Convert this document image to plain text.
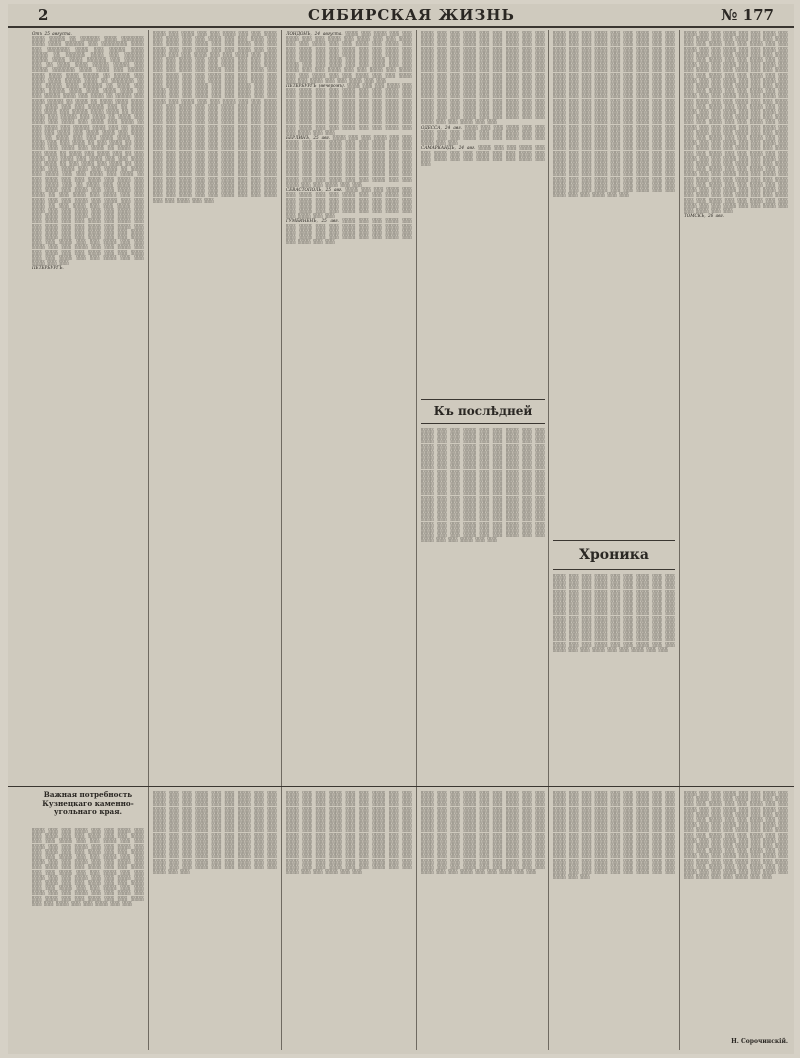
2	СИБИРСКАЯ ЖИЗНЬ	№ 177
Отъ 25 августа.
░░░░ ░░░░░ ░░ ░░░░░░ ░░░░ ░░░░░░░ ░░░░ ░░░░ ░░░░░░ ░░░ ░░░░░░░░ ░░░░ ░░░ ░░░░░░░ ░░░░ ░░░ ░░░░░ ░░░░ ░░░░░ ░░ ░░░░░░ ░░░░ ░░░ ░░░░░░ ░░░░░ ░░░░ ░░░░ ░░░░░░ ░░░ ░░░░░░ ░░░ ░░ ░░░░ ░░░░ ░░░░░ ░░░░░ ░░░ ░░░░░ ░░░░░░░ ░░░░ ░░░░ ░░░ ░░░░░ ░░░░ ░░░░ ░░░░ ░░░░░ ░░ ░░░░░ ░░░ ░░░░ ░░░░ ░░░░░ ░░░░ ░░ ░░░░░░░ ░░ ░░░ ░░░░░ ░░░░ ░░░░░░ ░░ ░░░░ ░░░ ░░░░ ░░░░░ ░░░░ ░░░░ ░░░░ ░░░░ ░░ ░░░ ░░░░░ ░░░░ ░░░ ░░░░ ░░ ░░░░░ ░░░ ░░░░ ░░░░░ ░░ ░░░░ ░░ ░░░░ ░░░░ ░░░░ ░░░ ░░░░ ░░░ ░░░ ░░░░░ ░░░ ░░ ░░░░ ░░░ ░░░░ ░░░ ░░░░░ ░░░░ ░░░░ ░░ ░░░░ ░░░░ ░░░ ░░░░░ ░░░ ░░░░ ░░ ░░░░ ░░░ ░░░░ ░░░ ░░░░ ░░░ ░░░░ ░░░ ░░░░ ░░ ░░░ ░░░░ ░░░ ░░░░░ ░░░░ ░░░ ░░ ░░░░ ░░░ ░░░ ░░░░ ░░░ ░░░░ ░░░░ ░░░ ░░░░ ░░░ ░░ ░░░░ ░░░ ░░░ ░░░░ ░░░░ ░░░ ░░░░ ░░░ ░░░ ░░░░ ░░ ░░░ ░░░░ ░░ ░░░ ░░░░ ░░░ ░░░░ ░░░ ░░░░ ░░ ░░░░ ░░░ ░░░ ░░░░ ░░ ░░░░ ░░░ ░░░░ ░░░ ░░ ░░░ ░░░░ ░░░ ░░░░ ░░░ ░░░░ ░░░ ░░░ ░░░░ ░░░ ░░░░ ░░ ░░░ ░░░░ ░░░ ░░░░ ░░ ░░░ ░░░░ ░░░ ░░░░ ░░░ ░░░ ░░░░ ░░ ░░░░ ░░░ ░░░░ ░░░ ░░░ ░░░░ ░░░ ░░░░ ░░ ░░░ ░░░░ ░░░ ░░░ ░░░░ ░░░ ░░░░ ░░░ ░░░ ░░░░ ░░░ ░░ ░░░░ ░░░ ░░░░ ░░░ ░░░ ░░░░ ░░░ ░░░░ ░░░ ░░░ ░░░░ ░░░ ░░░░ ░░ ░░░ ░░░░ ░░░ ░░░░ ░░░ ░░░ ░░░░ ░░░ ░░░ ░░░░ ░░░ ░░░░ ░░░ ░░░ ░░░░ ░░ ░░░ ░░░░ ░░░ ░░░ ░░░░ ░░░ ░░░░ ░░░ ░░░ ░░░░ ░░░ ░░░ ░░░░ ░░░ ░░░ ░░░░ ░░░ ░░░░ ░░░ ░░░ ░░░░ ░░░ ░░░ ░░░░ ░░░ ░░░ ░░░░ ░░░ ░░░░ ░░░ ░░░ ░░░░ ░░░ ░░░ ░░░░ ░░░ ░░░░ ░░░ ░░░ ░░░░ ░░░ ░░░ ░░░░ ░░░ ░░░ ░░░░ ░░░ ░░░░ ░░░ ░░░ ░░░░ ░░░ ░░░ ░░░░ ░░░ ░░░ ░░░░ ░░░ ░░░ ░░░░ ░░░ ░░░ ░░░░ ░░░ ░░░ ░░░░ ░░░ ░░░ ░░░░ ░░░ ░░░ ░░░░ ░░░ ░░░ ░░░░ ░░░ ░░░ ░░░░ ░░░ ░░░ ░░░░ ░░░ ░░░ ░░░░ ░░░ ░░░ ░░░░ ░░░ ░░░
ПЕТЕРБУРГЪ.
░░░░ ░░░ ░░░░ ░░░ ░░░ ░░░░ ░░░ ░░░ ░░░░ ░░░ ░░░░ ░░░ ░░░ ░░░░ ░░░ ░░░ ░░░░ ░░░ ░░░ ░░░░ ░░░ ░░░░ ░░░ ░░░ ░░░░ ░░░ ░░░ ░░░░ ░░░ ░░░ ░░░░ ░░░ ░░░ ░░░░ ░░░ ░░░ ░░░░ ░░░ ░░░ ░░░░ ░░░ ░░░ ░░░░ ░░░ ░░░░ ░░░ ░░░ ░░░░ ░░░ ░░░ ░░░░ ░░░ ░░░ ░░░░ ░░░ ░░░ ░░░░ ░░░ ░░░ ░░░░ ░░░ ░░░ ░░░░ ░░░ ░░░ ░░░░ ░░░ ░░░░ ░░░ ░░░ ░░░░ ░░░ ░░░ ░░░░ ░░░ ░░░ ░░░░ ░░░ ░░░ ░░░░ ░░░ ░░░ ░░░░ ░░░ ░░░ ░░░░ ░░░ ░░░ ░░░░ ░░░ ░░░ ░░░░ ░░░ ░░░░ ░░░ ░░░ ░░░░ ░░░ ░░░ ░░░░ ░░░ ░░░ ░░░░ ░░░ ░░░ ░░░░ ░░░ ░░░ ░░░░ ░░░ ░░░ ░░░░ ░░░ ░░░ ░░░░ ░░░ ░░░ ░░░░ ░░░ ░░░░ ░░░ ░░░ ░░░░ ░░░ ░░░ ░░░░ ░░░ ░░░ ░░░░ ░░░ ░░░ ░░░░ ░░░ ░░░ ░░░░ ░░░ ░░░ ░░░░ ░░░ ░░░ ░░░░ ░░░ ░░░ ░░░░ ░░░ ░░░ ░░░░ ░░░ ░░░ ░░░░ ░░░ ░░░ ░░░░ ░░░ ░░░ ░░░░ ░░░ ░░░ ░░░░ ░░░ ░░░ ░░░░ ░░░ ░░░ ░░░░ ░░░ ░░░ ░░░░ ░░░ ░░░ ░░░░ ░░░ ░░░ ░░░░ ░░░ ░░░ ░░░░ ░░░ ░░░ ░░░░ ░░░ ░░░ ░░░░ ░░░ ░░░ ░░░░ ░░░ ░░░ ░░░░ ░░░ ░░░ ░░░░ ░░░ ░░░ ░░░░ ░░░ ░░░ ░░░░ ░░░ ░░░ ░░░░ ░░░ ░░░ ░░░░ ░░░ ░░░ ░░░░ ░░░ ░░░ ░░░░ ░░░ ░░░ ░░░░ ░░░ ░░░ ░░░░ ░░░ ░░░ ░░░░ ░░░ ░░░ ░░░░ ░░░ ░░░ ░░░░ ░░░ ░░░ ░░░░ ░░░ ░░░ ░░░░ ░░░ ░░░ ░░░░ ░░░ ░░░ ░░░░ ░░░ ░░░ ░░░░ ░░░ ░░░ ░░░░ ░░░ ░░░ ░░░░ ░░░ ░░░ ░░░░ ░░░ ░░░ ░░░░ ░░░ ░░░ ░░░░ ░░░ ░░░ ░░░░ ░░░ ░░░ ░░░░ ░░░ ░░░ ░░░░ ░░░ ░░░ ░░░░ ░░░ ░░░ ░░░░ ░░░ ░░░ ░░░░ ░░░ ░░░ ░░░░ ░░░ ░░░ ░░░░ ░░░ ░░░ ░░░░ ░░░ ░░░ ░░░░ ░░░ ░░░ ░░░░ ░░░ ░░░ ░░░░ ░░░ ░░░
ЛОНДОНЪ, 24 августа. ░░░░ ░░░ ░░░░ ░░░ ░░░ ░░░░ ░░░ ░░░ ░░░░ ░░░ ░░░░ ░░░ ░░░ ░░░░ ░░░ ░░░ ░░░░ ░░░ ░░░ ░░░░ ░░░ ░░░░ ░░░ ░░░ ░░░░ ░░░ ░░░ ░░░░ ░░░ ░░░ ░░░░ ░░░ ░░░ ░░░░ ░░░ ░░░ ░░░░ ░░░ ░░░ ░░░░ ░░░ ░░░ ░░░░ ░░░ ░░░░ ░░░ ░░░ ░░░░ ░░░ ░░░ ░░░░ ░░░ ░░░ ░░░░ ░░░ ░░░ ░░░░ ░░░ ░░░ ░░░░ ░░░ ░░░ ░░░░ ░░░ ░░░ ░░░░ ░░░ ░░░░ ░░░ ░░░ ░░░░ ░░░ ░░░ ░░░░ ░░░ ░░░ ░░░░ ░░░ ░░░ ░░░░ ░░░ ░░░ ░░░░ ░░░ ░░░
ПЕТЕРБУРГЪ (вечеромъ). ░░░░ ░░░ ░░░ ░░░░ ░░░ ░░░ ░░░░ ░░░ ░░░ ░░░░ ░░░ ░░░ ░░░░ ░░░ ░░░ ░░░░ ░░░ ░░░ ░░░░ ░░░ ░░░ ░░░░ ░░░ ░░░ ░░░░ ░░░ ░░░ ░░░░ ░░░ ░░░ ░░░░ ░░░ ░░░ ░░░░ ░░░ ░░░ ░░░░ ░░░ ░░░ ░░░░ ░░░ ░░░ ░░░░ ░░░ ░░░ ░░░░ ░░░ ░░░ ░░░░ ░░░ ░░░ ░░░░ ░░░ ░░░ ░░░░ ░░░ ░░░ ░░░░ ░░░ ░░░ ░░░░ ░░░ ░░░ ░░░░ ░░░ ░░░ ░░░░ ░░░ ░░░ ░░░░ ░░░ ░░░ ░░░░ ░░░ ░░░ ░░░░ ░░░ ░░░ ░░░░ ░░░ ░░░
БЕРЛИНЪ, 25 авг. ░░░░ ░░░ ░░░ ░░░░ ░░░ ░░░ ░░░░ ░░░ ░░░ ░░░░ ░░░ ░░░ ░░░░ ░░░ ░░░ ░░░░ ░░░ ░░░ ░░░░ ░░░ ░░░ ░░░░ ░░░ ░░░ ░░░░ ░░░ ░░░ ░░░░ ░░░ ░░░ ░░░░ ░░░ ░░░ ░░░░ ░░░ ░░░ ░░░░ ░░░ ░░░ ░░░░ ░░░ ░░░ ░░░░ ░░░ ░░░ ░░░░ ░░░ ░░░ ░░░░ ░░░ ░░░ ░░░░ ░░░ ░░░ ░░░░ ░░░ ░░░ ░░░░ ░░░ ░░░ ░░░░ ░░░ ░░░ ░░░░ ░░░ ░░░ ░░░░ ░░░ ░░░ ░░░░ ░░░ ░░░ ░░░░ ░░░ ░░░ ░░░░ ░░░ ░░░ ░░░░ ░░░ ░░░ ░░░░ ░░░ ░░░
СЕВАСТОПОЛЬ, 25 авг. ░░░░ ░░░ ░░░ ░░░░ ░░░ ░░░ ░░░░ ░░░ ░░░ ░░░░ ░░░ ░░░ ░░░░ ░░░ ░░░ ░░░░ ░░░ ░░░ ░░░░ ░░░ ░░░ ░░░░ ░░░ ░░░ ░░░░ ░░░ ░░░ ░░░░ ░░░ ░░░ ░░░░ ░░░ ░░░ ░░░░ ░░░ ░░░ ░░░░ ░░░ ░░░ ░░░░ ░░░ ░░░ ░░░░ ░░░ ░░░
ГУМБИНЕНЪ, 25 авг. ░░░░ ░░░ ░░░ ░░░░ ░░░ ░░░ ░░░░ ░░░ ░░░ ░░░░ ░░░ ░░░ ░░░░ ░░░ ░░░ ░░░░ ░░░ ░░░ ░░░░ ░░░ ░░░ ░░░░ ░░░ ░░░ ░░░░ ░░░ ░░░ ░░░░ ░░░ ░░░ ░░░░ ░░░ ░░░ ░░░░ ░░░ ░░░
░░░░ ░░░ ░░░ ░░░░ ░░░ ░░░ ░░░░ ░░░ ░░░ ░░░░ ░░░ ░░░ ░░░░ ░░░ ░░░ ░░░░ ░░░ ░░░ ░░░░ ░░░ ░░░ ░░░░ ░░░ ░░░ ░░░░ ░░░ ░░░ ░░░░ ░░░ ░░░ ░░░░ ░░░ ░░░ ░░░░ ░░░ ░░░ ░░░░ ░░░ ░░░ ░░░░ ░░░ ░░░ ░░░░ ░░░ ░░░ ░░░░ ░░░ ░░░ ░░░░ ░░░ ░░░ ░░░░ ░░░ ░░░ ░░░░ ░░░ ░░░ ░░░░ ░░░ ░░░ ░░░░ ░░░ ░░░ ░░░░ ░░░ ░░░ ░░░░ ░░░ ░░░ ░░░░ ░░░ ░░░ ░░░░ ░░░ ░░░ ░░░░ ░░░ ░░░ ░░░░ ░░░ ░░░ ░░░░ ░░░ ░░░ ░░░░ ░░░ ░░░ ░░░░ ░░░ ░░░ ░░░░ ░░░ ░░░ ░░░░ ░░░ ░░░ ░░░░ ░░░ ░░░ ░░░░ ░░░ ░░░ ░░░░ ░░░ ░░░ ░░░░ ░░░ ░░░ ░░░░ ░░░ ░░░ ░░░░ ░░░ ░░░ ░░░░ ░░░ ░░░ ░░░░ ░░░ ░░░ ░░░░ ░░░ ░░░ ░░░░ ░░░ ░░░ ░░░░ ░░░ ░░░ ░░░░ ░░░ ░░░ ░░░░ ░░░ ░░░ ░░░░ ░░░ ░░░ ░░░░ ░░░ ░░░ ░░░░ ░░░ ░░░ ░░░░ ░░░ ░░░ ░░░░ ░░░ ░░░ ░░░░ ░░░ ░░░ ░░░░ ░░░ ░░░ ░░░░ ░░░ ░░░
ОДЕССА, 24 авг. ░░░░ ░░░ ░░░ ░░░░ ░░░ ░░░ ░░░░ ░░░ ░░░ ░░░░ ░░░ ░░░ ░░░░ ░░░ ░░░ ░░░░ ░░░ ░░░ ░░░░ ░░░ ░░░ ░░░░ ░░░ ░░░ ░░░░ ░░░ ░░░
САМАРКАНДЪ, 24 авг. ░░░░ ░░░ ░░░ ░░░░ ░░░ ░░░ ░░░░ ░░░ ░░░ ░░░░ ░░░ ░░░ ░░░░ ░░░ ░░░ ░░░░ ░░░ ░░░ ░░░░ ░░░ ░░░ ░░░░ ░░░ ░░░
Къ послѣдней
░░░░ ░░░ ░░░ ░░░░ ░░░ ░░░ ░░░░ ░░░ ░░░ ░░░░ ░░░ ░░░ ░░░░ ░░░ ░░░ ░░░░ ░░░ ░░░ ░░░░ ░░░ ░░░ ░░░░ ░░░ ░░░ ░░░░ ░░░ ░░░ ░░░░ ░░░ ░░░ ░░░░ ░░░ ░░░ ░░░░ ░░░ ░░░ ░░░░ ░░░ ░░░ ░░░░ ░░░ ░░░ ░░░░ ░░░ ░░░ ░░░░ ░░░ ░░░ ░░░░ ░░░ ░░░ ░░░░ ░░░ ░░░ ░░░░ ░░░ ░░░ ░░░░ ░░░ ░░░ ░░░░ ░░░ ░░░ ░░░░ ░░░ ░░░ ░░░░ ░░░ ░░░ ░░░░ ░░░ ░░░ ░░░░ ░░░ ░░░ ░░░░ ░░░ ░░░ ░░░░ ░░░ ░░░ ░░░░ ░░░ ░░░ ░░░░ ░░░ ░░░ ░░░░ ░░░ ░░░ ░░░░ ░░░ ░░░ ░░░░ ░░░ ░░░ ░░░░ ░░░ ░░░ ░░░░ ░░░ ░░░ ░░░░ ░░░ ░░░ ░░░░ ░░░ ░░░ ░░░░ ░░░ ░░░ ░░░░ ░░░ ░░░ ░░░░ ░░░ ░░░ ░░░░ ░░░ ░░░ ░░░░ ░░░ ░░░ ░░░░ ░░░ ░░░ ░░░░ ░░░ ░░░ ░░░░ ░░░ ░░░ ░░░░ ░░░ ░░░ ░░░░ ░░░ ░░░ ░░░░ ░░░ ░░░ ░░░░ ░░░ ░░░ ░░░░ ░░░ ░░░ ░░░░ ░░░ ░░░ ░░░░ ░░░ ░░░ ░░░░ ░░░ ░░░ ░░░░ ░░░ ░░░ ░░░░ ░░░ ░░░ ░░░░ ░░░ ░░░ ░░░░ ░░░ ░░░ ░░░░ ░░░ ░░░ ░░░░ ░░░ ░░░ ░░░░ ░░░ ░░░ ░░░░ ░░░ ░░░ ░░░░ ░░░ ░░░ ░░░░ ░░░ ░░░ ░░░░ ░░░ ░░░ ░░░░ ░░░ ░░░ ░░░░ ░░░ ░░░
░░░░ ░░░ ░░░ ░░░░ ░░░ ░░░ ░░░░ ░░░ ░░░ ░░░░ ░░░ ░░░ ░░░░ ░░░ ░░░ ░░░░ ░░░ ░░░ ░░░░ ░░░ ░░░ ░░░░ ░░░ ░░░ ░░░░ ░░░ ░░░ ░░░░ ░░░ ░░░ ░░░░ ░░░ ░░░ ░░░░ ░░░ ░░░ ░░░░ ░░░ ░░░ ░░░░ ░░░ ░░░ ░░░░ ░░░ ░░░ ░░░░ ░░░ ░░░ ░░░░ ░░░ ░░░ ░░░░ ░░░ ░░░ ░░░░ ░░░ ░░░ ░░░░ ░░░ ░░░ ░░░░ ░░░ ░░░ ░░░░ ░░░ ░░░ ░░░░ ░░░ ░░░ ░░░░ ░░░ ░░░ ░░░░ ░░░ ░░░ ░░░░ ░░░ ░░░ ░░░░ ░░░ ░░░ ░░░░ ░░░ ░░░ ░░░░ ░░░ ░░░ ░░░░ ░░░ ░░░ ░░░░ ░░░ ░░░ ░░░░ ░░░ ░░░ ░░░░ ░░░ ░░░ ░░░░ ░░░ ░░░ ░░░░ ░░░ ░░░ ░░░░ ░░░ ░░░ ░░░░ ░░░ ░░░ ░░░░ ░░░ ░░░ ░░░░ ░░░ ░░░ ░░░░ ░░░ ░░░ ░░░░ ░░░ ░░░ ░░░░ ░░░ ░░░ ░░░░ ░░░ ░░░ ░░░░ ░░░ ░░░ ░░░░ ░░░ ░░░ ░░░░ ░░░ ░░░ ░░░░ ░░░ ░░░ ░░░░ ░░░ ░░░ ░░░░ ░░░ ░░░ ░░░░ ░░░ ░░░ ░░░░ ░░░ ░░░ ░░░░ ░░░ ░░░ ░░░░ ░░░ ░░░ ░░░░ ░░░ ░░░ ░░░░ ░░░ ░░░ ░░░░ ░░░ ░░░ ░░░░ ░░░ ░░░ ░░░░ ░░░ ░░░ ░░░░ ░░░ ░░░ ░░░░ ░░░ ░░░ ░░░░ ░░░ ░░░ ░░░░ ░░░ ░░░ ░░░░ ░░░ ░░░ ░░░░ ░░░ ░░░ ░░░░ ░░░ ░░░ ░░░░ ░░░ ░░░ ░░░░ ░░░ ░░░ ░░░░ ░░░ ░░░ ░░░░ ░░░ ░░░ ░░░░ ░░░ ░░░ ░░░░ ░░░ ░░░ ░░░░ ░░░ ░░░ ░░░░ ░░░ ░░░ ░░░░ ░░░ ░░░ ░░░░ ░░░ ░░░ ░░░░ ░░░ ░░░ ░░░░ ░░░ ░░░ ░░░░ ░░░ ░░░ ░░░░ ░░░ ░░░ ░░░░ ░░░ ░░░ ░░░░ ░░░ ░░░ ░░░░ ░░░ ░░░ ░░░░ ░░░ ░░░ ░░░░ ░░░ ░░░ ░░░░ ░░░ ░░░ ░░░░ ░░░ ░░░ ░░░░ ░░░ ░░░ ░░░░ ░░░ ░░░ ░░░░ ░░░ ░░░ ░░░░ ░░░ ░░░ ░░░░ ░░░ ░░░ ░░░░ ░░░ ░░░ ░░░░ ░░░ ░░░ ░░░░ ░░░ ░░░ ░░░░ ░░░ ░░░
Хроника
░░░░ ░░░ ░░░ ░░░░ ░░░ ░░░ ░░░░ ░░░ ░░░ ░░░░ ░░░ ░░░ ░░░░ ░░░ ░░░ ░░░░ ░░░ ░░░ ░░░░ ░░░ ░░░ ░░░░ ░░░ ░░░ ░░░░ ░░░ ░░░ ░░░░ ░░░ ░░░ ░░░░ ░░░ ░░░ ░░░░ ░░░ ░░░ ░░░░ ░░░ ░░░ ░░░░ ░░░ ░░░ ░░░░ ░░░ ░░░ ░░░░ ░░░ ░░░ ░░░░ ░░░ ░░░ ░░░░ ░░░ ░░░ ░░░░ ░░░ ░░░ ░░░░ ░░░ ░░░ ░░░░ ░░░ ░░░ ░░░░ ░░░ ░░░ ░░░░ ░░░ ░░░ ░░░░ ░░░ ░░░ ░░░░ ░░░ ░░░ ░░░░ ░░░ ░░░ ░░░░ ░░░ ░░░ ░░░░ ░░░ ░░░ ░░░░ ░░░ ░░░ ░░░░ ░░░ ░░░ ░░░░ ░░░ ░░░ ░░░░ ░░░ ░░░ ░░░░ ░░░ ░░░ ░░░░ ░░░ ░░░ ░░░░ ░░░ ░░░ ░░░░ ░░░ ░░░ ░░░░ ░░░ ░░░ ░░░░ ░░░ ░░░ ░░░░ ░░░ ░░░ ░░░░ ░░░ ░░░ ░░░░ ░░░ ░░░ ░░░░ ░░░ ░░░ ░░░░ ░░░ ░░░ ░░░░ ░░░ ░░░ ░░░░ ░░░ ░░░
░░░░ ░░░ ░░░ ░░░░ ░░░ ░░░ ░░░░ ░░░ ░░░ ░░░░ ░░░ ░░░ ░░░░ ░░░ ░░░ ░░░░ ░░░ ░░░ ░░░░ ░░░ ░░░ ░░░░ ░░░ ░░░ ░░░░ ░░░ ░░░ ░░░░ ░░░ ░░░ ░░░░ ░░░ ░░░ ░░░░ ░░░ ░░░ ░░░░ ░░░ ░░░ ░░░░ ░░░ ░░░ ░░░░ ░░░ ░░░ ░░░░ ░░░ ░░░ ░░░░ ░░░ ░░░ ░░░░ ░░░ ░░░ ░░░░ ░░░ ░░░ ░░░░ ░░░ ░░░ ░░░░ ░░░ ░░░ ░░░░ ░░░ ░░░ ░░░░ ░░░ ░░░ ░░░░ ░░░ ░░░ ░░░░ ░░░ ░░░ ░░░░ ░░░ ░░░ ░░░░ ░░░ ░░░ ░░░░ ░░░ ░░░ ░░░░ ░░░ ░░░ ░░░░ ░░░ ░░░ ░░░░ ░░░ ░░░ ░░░░ ░░░ ░░░ ░░░░ ░░░ ░░░ ░░░░ ░░░ ░░░ ░░░░ ░░░ ░░░ ░░░░ ░░░ ░░░ ░░░░ ░░░ ░░░ ░░░░ ░░░ ░░░ ░░░░ ░░░ ░░░ ░░░░ ░░░ ░░░ ░░░░ ░░░ ░░░ ░░░░ ░░░ ░░░ ░░░░ ░░░ ░░░ ░░░░ ░░░ ░░░ ░░░░ ░░░ ░░░ ░░░░ ░░░ ░░░ ░░░░ ░░░ ░░░ ░░░░ ░░░ ░░░ ░░░░ ░░░ ░░░ ░░░░ ░░░ ░░░ ░░░░ ░░░ ░░░ ░░░░ ░░░ ░░░ ░░░░ ░░░ ░░░ ░░░░ ░░░ ░░░ ░░░░ ░░░ ░░░ ░░░░ ░░░ ░░░ ░░░░ ░░░ ░░░ ░░░░ ░░░ ░░░ ░░░░ ░░░ ░░░ ░░░░ ░░░ ░░░ ░░░░ ░░░ ░░░ ░░░░ ░░░ ░░░ ░░░░ ░░░ ░░░ ░░░░ ░░░ ░░░ ░░░░ ░░░ ░░░ ░░░░ ░░░ ░░░ ░░░░ ░░░ ░░░ ░░░░ ░░░ ░░░ ░░░░ ░░░ ░░░ ░░░░ ░░░ ░░░ ░░░░ ░░░ ░░░ ░░░░ ░░░ ░░░ ░░░░ ░░░ ░░░ ░░░░ ░░░ ░░░ ░░░░ ░░░ ░░░ ░░░░ ░░░ ░░░ ░░░░ ░░░ ░░░ ░░░░ ░░░ ░░░ ░░░░ ░░░ ░░░ ░░░░ ░░░ ░░░ ░░░░ ░░░ ░░░ ░░░░ ░░░ ░░░ ░░░░ ░░░ ░░░ ░░░░ ░░░ ░░░ ░░░░ ░░░ ░░░ ░░░░ ░░░ ░░░ ░░░░ ░░░ ░░░ ░░░░ ░░░ ░░░ ░░░░ ░░░ ░░░ ░░░░ ░░░ ░░░ ░░░░ ░░░ ░░░ ░░░░ ░░░ ░░░
ТОМСКЪ, 26 авг.
Важная потребность Кузнецкаго каменно-угольнаго края.
░░░░ ░░░ ░░░ ░░░░ ░░░ ░░░ ░░░░ ░░░ ░░░ ░░░░ ░░░ ░░░ ░░░░ ░░░ ░░░ ░░░░ ░░░ ░░░ ░░░░ ░░░ ░░░ ░░░░ ░░░ ░░░ ░░░░ ░░░ ░░░ ░░░░ ░░░ ░░░ ░░░░ ░░░ ░░░ ░░░░ ░░░ ░░░ ░░░░ ░░░ ░░░ ░░░░ ░░░ ░░░ ░░░░ ░░░ ░░░ ░░░░ ░░░ ░░░ ░░░░ ░░░ ░░░ ░░░░ ░░░ ░░░ ░░░░ ░░░ ░░░ ░░░░ ░░░ ░░░ ░░░░ ░░░ ░░░ ░░░░ ░░░ ░░░ ░░░░ ░░░ ░░░ ░░░░ ░░░ ░░░ ░░░░ ░░░ ░░░ ░░░░ ░░░ ░░░ ░░░░ ░░░ ░░░ ░░░░ ░░░ ░░░ ░░░░ ░░░ ░░░ ░░░░ ░░░ ░░░ ░░░░ ░░░ ░░░ ░░░░ ░░░ ░░░ ░░░░ ░░░ ░░░ ░░░░ ░░░ ░░░ ░░░░ ░░░ ░░░ ░░░░ ░░░ ░░░ ░░░░ ░░░ ░░░ ░░░░ ░░░ ░░░ ░░░░ ░░░ ░░░ ░░░░ ░░░ ░░░
░░░░ ░░░ ░░░ ░░░░ ░░░ ░░░ ░░░░ ░░░ ░░░ ░░░░ ░░░ ░░░ ░░░░ ░░░ ░░░ ░░░░ ░░░ ░░░ ░░░░ ░░░ ░░░ ░░░░ ░░░ ░░░ ░░░░ ░░░ ░░░ ░░░░ ░░░ ░░░ ░░░░ ░░░ ░░░ ░░░░ ░░░ ░░░ ░░░░ ░░░ ░░░ ░░░░ ░░░ ░░░ ░░░░ ░░░ ░░░ ░░░░ ░░░ ░░░ ░░░░ ░░░ ░░░ ░░░░ ░░░ ░░░ ░░░░ ░░░ ░░░ ░░░░ ░░░ ░░░ ░░░░ ░░░ ░░░ ░░░░ ░░░ ░░░ ░░░░ ░░░ ░░░ ░░░░ ░░░ ░░░ ░░░░ ░░░ ░░░ ░░░░ ░░░ ░░░ ░░░░ ░░░ ░░░ ░░░░ ░░░ ░░░ ░░░░ ░░░ ░░░ ░░░░ ░░░ ░░░ ░░░░ ░░░ ░░░ ░░░░ ░░░ ░░░ ░░░░ ░░░ ░░░ ░░░░ ░░░ ░░░ ░░░░ ░░░ ░░░ ░░░░ ░░░ ░░░ ░░░░ ░░░ ░░░ ░░░░ ░░░ ░░░ ░░░░ ░░░ ░░░ ░░░░ ░░░ ░░░ ░░░░ ░░░ ░░░ ░░░░ ░░░ ░░░ ░░░░ ░░░ ░░░ ░░░░ ░░░ ░░░ ░░░░ ░░░ ░░░ ░░░░ ░░░ ░░░
░░░░ ░░░ ░░░ ░░░░ ░░░ ░░░ ░░░░ ░░░ ░░░ ░░░░ ░░░ ░░░ ░░░░ ░░░ ░░░ ░░░░ ░░░ ░░░ ░░░░ ░░░ ░░░ ░░░░ ░░░ ░░░ ░░░░ ░░░ ░░░ ░░░░ ░░░ ░░░ ░░░░ ░░░ ░░░ ░░░░ ░░░ ░░░ ░░░░ ░░░ ░░░ ░░░░ ░░░ ░░░ ░░░░ ░░░ ░░░ ░░░░ ░░░ ░░░ ░░░░ ░░░ ░░░ ░░░░ ░░░ ░░░ ░░░░ ░░░ ░░░ ░░░░ ░░░ ░░░ ░░░░ ░░░ ░░░ ░░░░ ░░░ ░░░ ░░░░ ░░░ ░░░ ░░░░ ░░░ ░░░ ░░░░ ░░░ ░░░ ░░░░ ░░░ ░░░ ░░░░ ░░░ ░░░ ░░░░ ░░░ ░░░ ░░░░ ░░░ ░░░ ░░░░ ░░░ ░░░ ░░░░ ░░░ ░░░ ░░░░ ░░░ ░░░ ░░░░ ░░░ ░░░ ░░░░ ░░░ ░░░ ░░░░ ░░░ ░░░ ░░░░ ░░░ ░░░ ░░░░ ░░░ ░░░ ░░░░ ░░░ ░░░ ░░░░ ░░░ ░░░ ░░░░ ░░░ ░░░ ░░░░ ░░░ ░░░ ░░░░ ░░░ ░░░ ░░░░ ░░░ ░░░ ░░░░ ░░░ ░░░ ░░░░ ░░░ ░░░ ░░░░ ░░░ ░░░ ░░░░ ░░░ ░░░
░░░░ ░░░ ░░░ ░░░░ ░░░ ░░░ ░░░░ ░░░ ░░░ ░░░░ ░░░ ░░░ ░░░░ ░░░ ░░░ ░░░░ ░░░ ░░░ ░░░░ ░░░ ░░░ ░░░░ ░░░ ░░░ ░░░░ ░░░ ░░░ ░░░░ ░░░ ░░░ ░░░░ ░░░ ░░░ ░░░░ ░░░ ░░░ ░░░░ ░░░ ░░░ ░░░░ ░░░ ░░░ ░░░░ ░░░ ░░░ ░░░░ ░░░ ░░░ ░░░░ ░░░ ░░░ ░░░░ ░░░ ░░░ ░░░░ ░░░ ░░░ ░░░░ ░░░ ░░░ ░░░░ ░░░ ░░░ ░░░░ ░░░ ░░░ ░░░░ ░░░ ░░░ ░░░░ ░░░ ░░░ ░░░░ ░░░ ░░░ ░░░░ ░░░ ░░░ ░░░░ ░░░ ░░░ ░░░░ ░░░ ░░░ ░░░░ ░░░ ░░░ ░░░░ ░░░ ░░░ ░░░░ ░░░ ░░░ ░░░░ ░░░ ░░░ ░░░░ ░░░ ░░░ ░░░░ ░░░ ░░░ ░░░░ ░░░ ░░░ ░░░░ ░░░ ░░░ ░░░░ ░░░ ░░░ ░░░░ ░░░ ░░░ ░░░░ ░░░ ░░░ ░░░░ ░░░ ░░░ ░░░░ ░░░ ░░░ ░░░░ ░░░ ░░░ ░░░░ ░░░ ░░░ ░░░░ ░░░ ░░░ ░░░░ ░░░ ░░░ ░░░░ ░░░ ░░░ ░░░░ ░░░ ░░░ ░░░░ ░░░ ░░░
░░░░ ░░░ ░░░ ░░░░ ░░░ ░░░ ░░░░ ░░░ ░░░ ░░░░ ░░░ ░░░ ░░░░ ░░░ ░░░ ░░░░ ░░░ ░░░ ░░░░ ░░░ ░░░ ░░░░ ░░░ ░░░ ░░░░ ░░░ ░░░ ░░░░ ░░░ ░░░ ░░░░ ░░░ ░░░ ░░░░ ░░░ ░░░ ░░░░ ░░░ ░░░ ░░░░ ░░░ ░░░ ░░░░ ░░░ ░░░ ░░░░ ░░░ ░░░ ░░░░ ░░░ ░░░ ░░░░ ░░░ ░░░ ░░░░ ░░░ ░░░ ░░░░ ░░░ ░░░ ░░░░ ░░░ ░░░ ░░░░ ░░░ ░░░ ░░░░ ░░░ ░░░ ░░░░ ░░░ ░░░ ░░░░ ░░░ ░░░ ░░░░ ░░░ ░░░ ░░░░ ░░░ ░░░ ░░░░ ░░░ ░░░ ░░░░ ░░░ ░░░ ░░░░ ░░░ ░░░ ░░░░ ░░░ ░░░ ░░░░ ░░░ ░░░ ░░░░ ░░░ ░░░ ░░░░ ░░░ ░░░ ░░░░ ░░░ ░░░ ░░░░ ░░░ ░░░ ░░░░ ░░░ ░░░ ░░░░ ░░░ ░░░ ░░░░ ░░░ ░░░ ░░░░ ░░░ ░░░ ░░░░ ░░░ ░░░ ░░░░ ░░░ ░░░ ░░░░ ░░░ ░░░ ░░░░ ░░░ ░░░ ░░░░ ░░░ ░░░ ░░░░ ░░░ ░░░ ░░░░ ░░░ ░░░ ░░░░ ░░░ ░░░ ░░░░ ░░░ ░░░
░░░░ ░░░ ░░░ ░░░░ ░░░ ░░░ ░░░░ ░░░ ░░░ ░░░░ ░░░ ░░░ ░░░░ ░░░ ░░░ ░░░░ ░░░ ░░░ ░░░░ ░░░ ░░░ ░░░░ ░░░ ░░░ ░░░░ ░░░ ░░░ ░░░░ ░░░ ░░░ ░░░░ ░░░ ░░░ ░░░░ ░░░ ░░░ ░░░░ ░░░ ░░░ ░░░░ ░░░ ░░░ ░░░░ ░░░ ░░░ ░░░░ ░░░ ░░░ ░░░░ ░░░ ░░░ ░░░░ ░░░ ░░░ ░░░░ ░░░ ░░░ ░░░░ ░░░ ░░░ ░░░░ ░░░ ░░░ ░░░░ ░░░ ░░░ ░░░░ ░░░ ░░░ ░░░░ ░░░ ░░░ ░░░░ ░░░ ░░░ ░░░░ ░░░ ░░░ ░░░░ ░░░ ░░░ ░░░░ ░░░ ░░░ ░░░░ ░░░ ░░░ ░░░░ ░░░ ░░░ ░░░░ ░░░ ░░░ ░░░░ ░░░ ░░░ ░░░░ ░░░ ░░░ ░░░░ ░░░ ░░░ ░░░░ ░░░ ░░░ ░░░░ ░░░ ░░░ ░░░░ ░░░ ░░░ ░░░░ ░░░ ░░░ ░░░░ ░░░ ░░░ ░░░░ ░░░ ░░░ ░░░░ ░░░ ░░░ ░░░░ ░░░ ░░░ ░░░░ ░░░ ░░░ ░░░░ ░░░ ░░░ ░░░░ ░░░ ░░░
Н. Сорочинскій.
